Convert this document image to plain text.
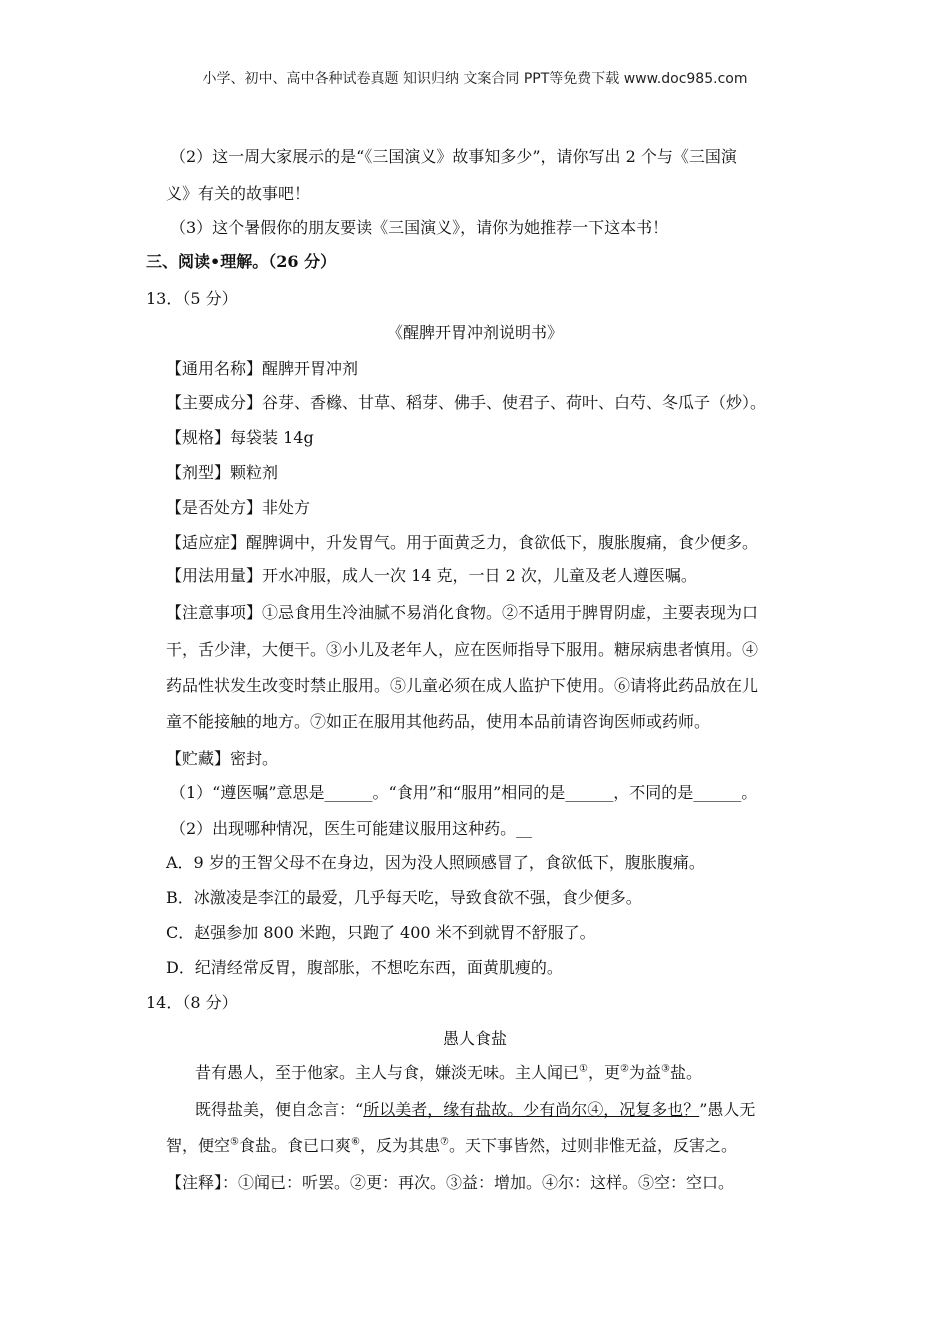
小学、初中、高中各种试卷真题 知识归纳 文案合同 PPT等免费下载 www.doc985.com
（2）这一周大家展示的是“《三国演义》故事知多少”，请你写出 2 个与《三国演
义》有关的故事吧！
（3）这个暑假你的朋友要读《三国演义》，请你为她推荐一下这本书！
三、阅读•理解。（26 分）
13．（5 分）
《醒脾开胃冲剂说明书》
【通用名称】醒脾开胃冲剂
【主要成分】谷芽、香橼、甘草、稻芽、佛手、使君子、荷叶、白芍、冬瓜子（炒）。
【规格】每袋装 14g
【剂型】颗粒剂
【是否处方】非处方
【适应症】醒脾调中，升发胃气。用于面黄乏力，食欲低下，腹胀腹痛，食少便多。
【用法用量】开水冲服，成人一次 14 克，一日 2 次，儿童及老人遵医嘱。
【注意事项】①忌食用生冷油腻不易消化食物。②不适用于脾胃阴虚，主要表现为口
干，舌少津，大便干。③小儿及老年人，应在医师指导下服用。糖尿病患者慎用。④
药品性状发生改变时禁止服用。⑤儿童必须在成人监护下使用。⑥请将此药品放在儿
童不能接触的地方。⑦如正在服用其他药品，使用本品前请咨询医师或药师。
【贮藏】密封。
（1）“遵医嘱”意思是______。“食用”和“服用”相同的是______，不同的是______。
（2）出现哪种情况，医生可能建议服用这种药。__
A．9 岁的王智父母不在身边，因为没人照顾感冒了，食欲低下，腹胀腹痛。
B．冰激凌是李江的最爱，几乎每天吃，导致食欲不强，食少便多。
C．赵强参加 800 米跑，只跑了 400 米不到就胃不舒服了。
D．纪清经常反胃，腹部胀，不想吃东西，面黄肌瘦的。
14．（8 分）
愚人食盐
昔有愚人，至于他家。主人与食，嫌淡无味。主人闻已①，更②为益③盐。
既得盐美，便自念言：“所以美者，缘有盐故。少有尚尔④，况复多也？”愚人无
智，便空⑤食盐。食已口爽⑥，反为其患⑦。天下事皆然，过则非惟无益，反害之。
【注释】：①闻已：听罢。②更：再次。③益：增加。④尔：这样。⑤空：空口。
